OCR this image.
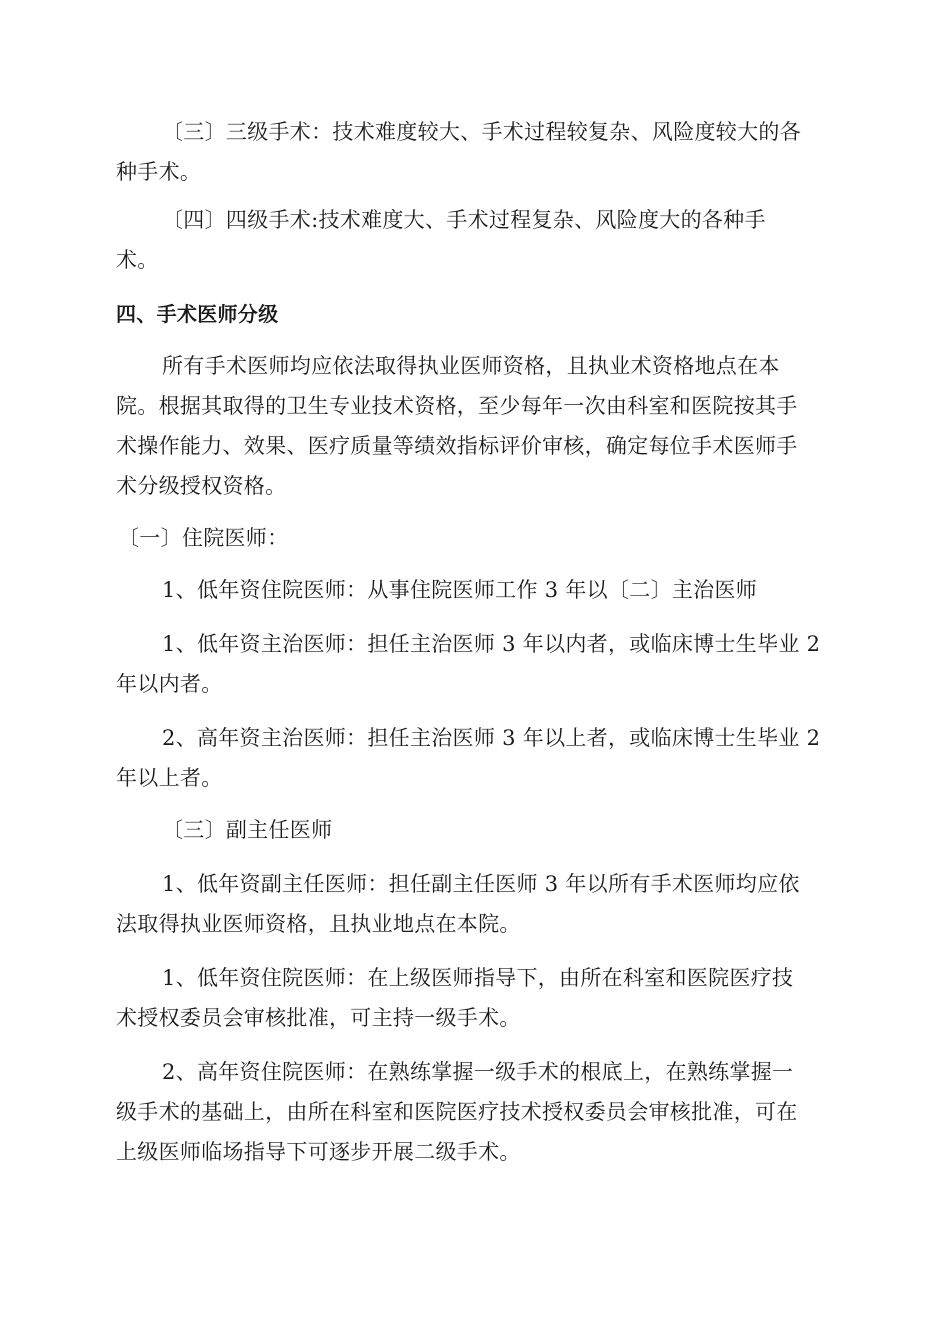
〔三〕三级手术：技术难度较大、手术过程较复杂、风险度较大的各
种手术。
〔四〕四级手术:技术难度大、手术过程复杂、风险度大的各种手
术。
四、手术医师分级
所有手术医师均应依法取得执业医师资格，且执业术资格地点在本
院。根据其取得的卫生专业技术资格，至少每年一次由科室和医院按其手
术操作能力、效果、医疗质量等绩效指标评价审核，确定每位手术医师手
术分级授权资格。
〔一〕住院医师：
1、低年资住院医师：从事住院医师工作 3 年以〔二〕主治医师
1、低年资主治医师：担任主治医师 3 年以内者，或临床博士生毕业 2
年以内者。
2、高年资主治医师：担任主治医师 3 年以上者，或临床博士生毕业 2
年以上者。
〔三〕副主任医师
1、低年资副主任医师：担任副主任医师 3 年以所有手术医师均应依
法取得执业医师资格，且执业地点在本院。
1、低年资住院医师：在上级医师指导下，由所在科室和医院医疗技
术授权委员会审核批准，可主持一级手术。
2、高年资住院医师：在熟练掌握一级手术的根底上，在熟练掌握一
级手术的基础上，由所在科室和医院医疗技术授权委员会审核批准，可在
上级医师临场指导下可逐步开展二级手术。
